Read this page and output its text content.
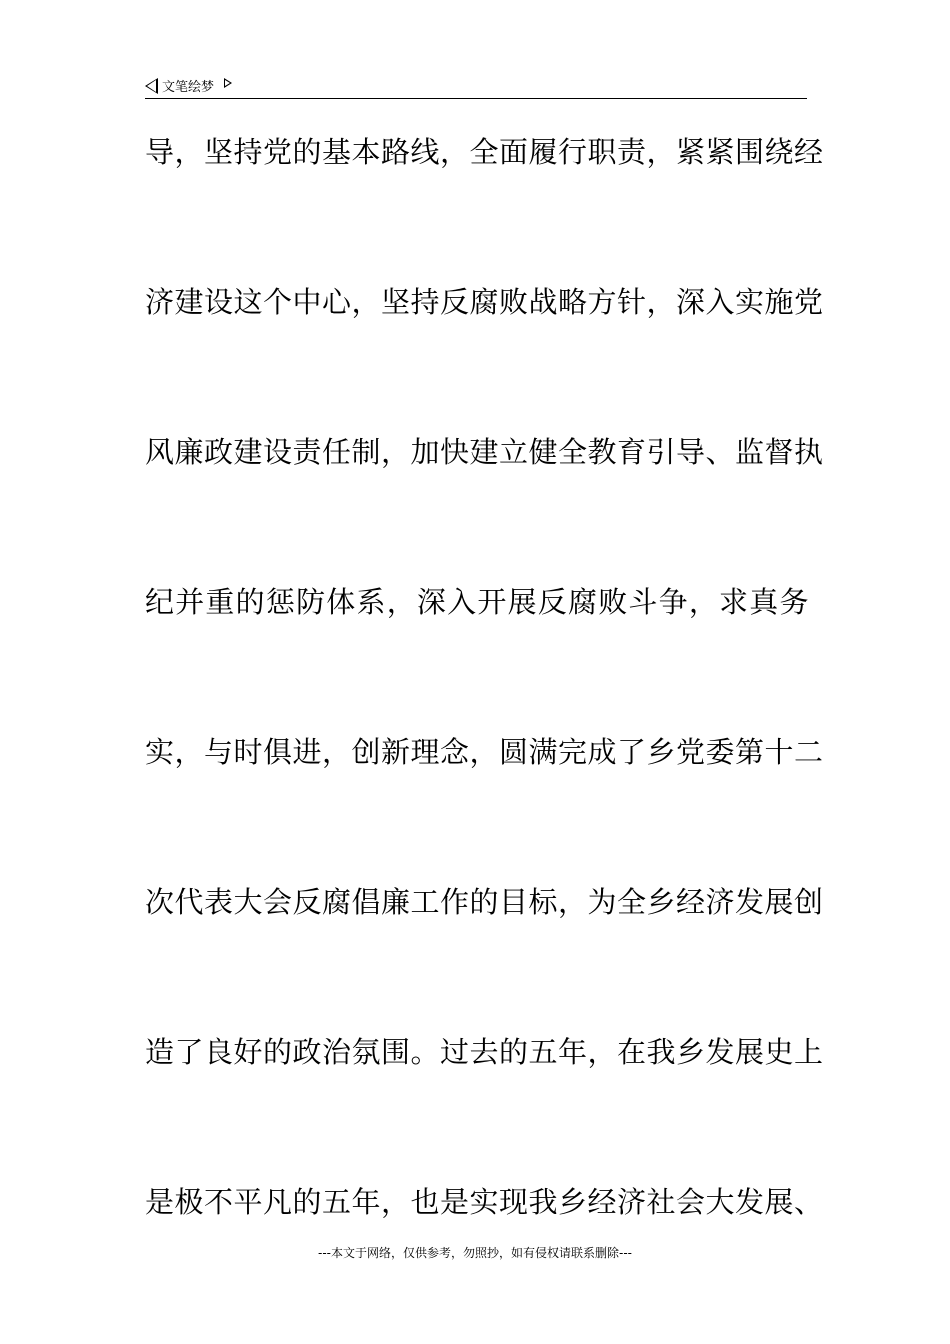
文笔绘梦
导，坚持党的基本路线，全面履行职责，紧紧围绕经
济建设这个中心，坚持反腐败战略方针，深入实施党
风廉政建设责任制，加快建立健全教育引导、监督执
纪并重的惩防体系，深入开展反腐败斗争，求真务
实，与时俱进，创新理念，圆满完成了乡党委第十二
次代表大会反腐倡廉工作的目标，为全乡经济发展创
造了良好的政治氛围。过去的五年，在我乡发展史上
是极不平凡的五年，也是实现我乡经济社会大发展、
---本文于网络，仅供参考，勿照抄，如有侵权请联系删除---
